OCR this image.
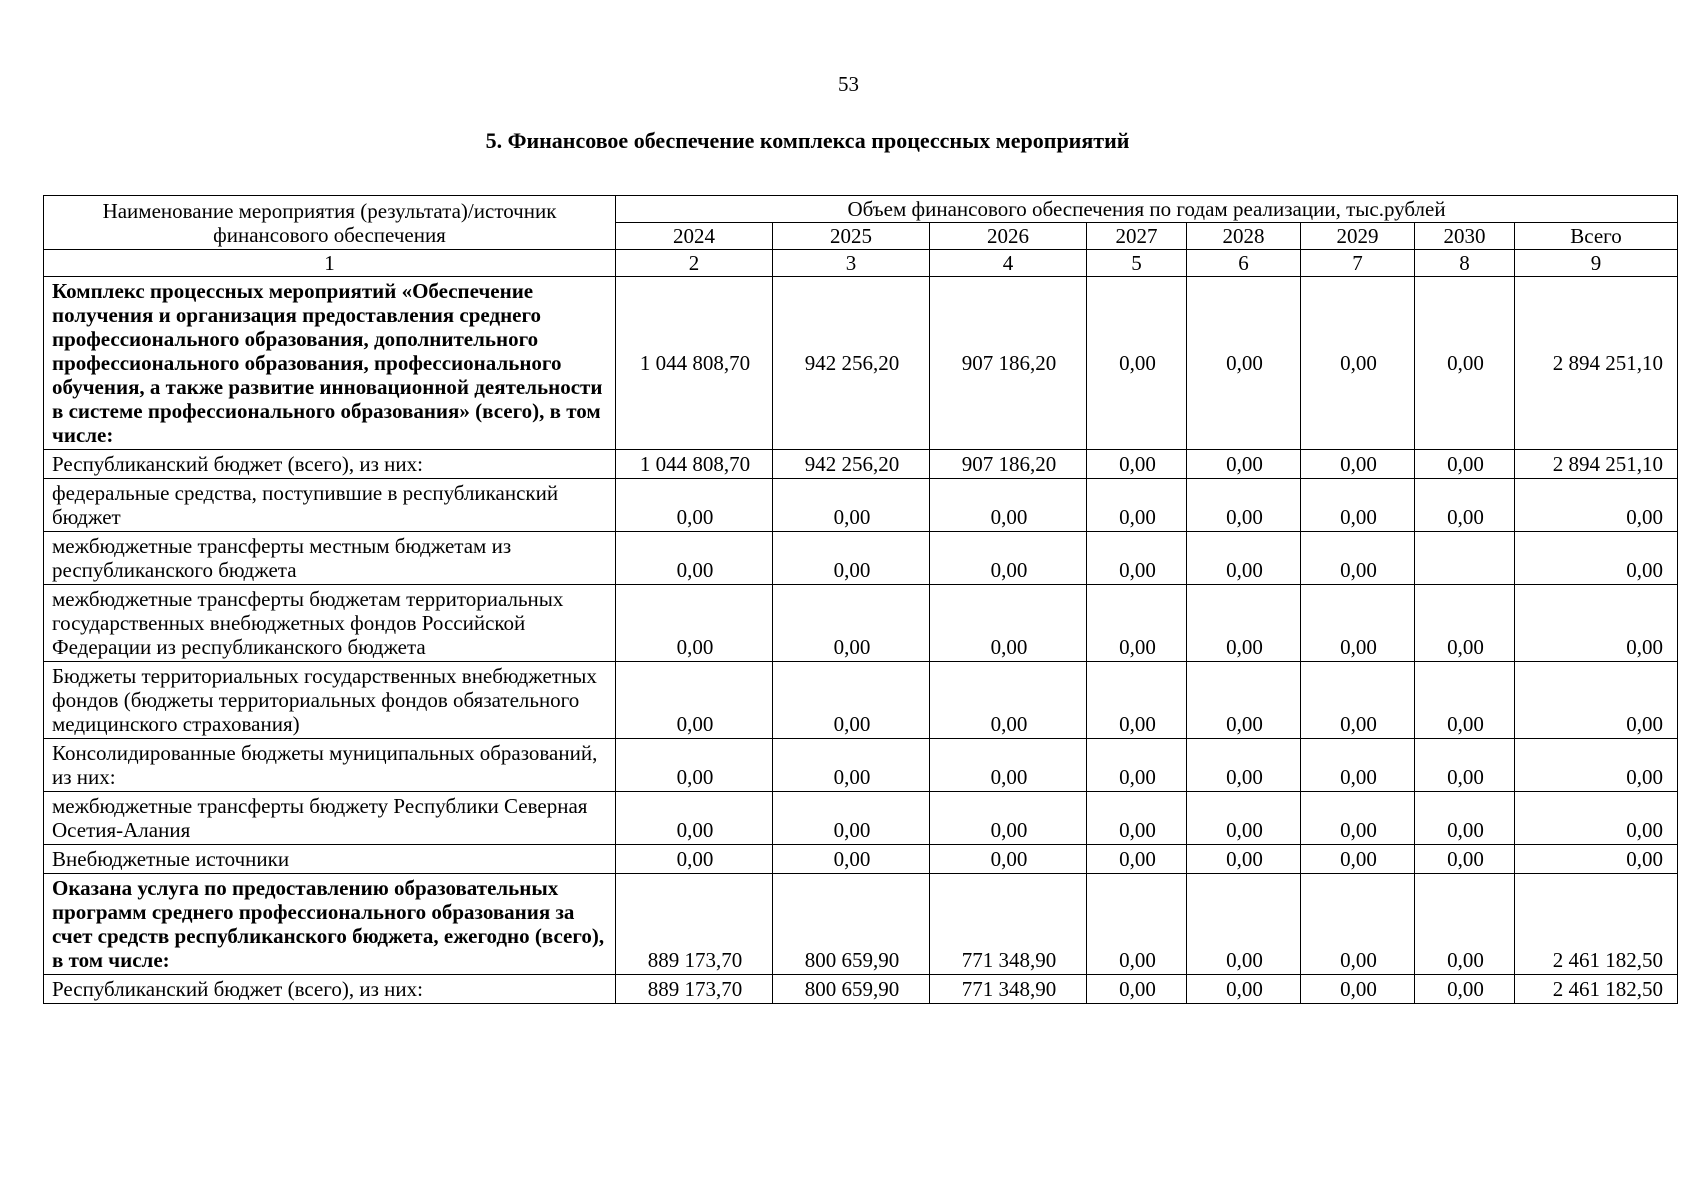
53
5. Финансовое обеспечение комплекса процессных мероприятий
Наименование мероприятия (результата)/источник финансового обеспечения	Объем финансового обеспечения по годам реализации, тыс.рублей							
	2024	2025	2026	2027	2028	2029	2030	Всего
1	2	3	4	5	6	7	8	9
Комплекс процессных мероприятий «Обеспечение получения и организация предоставления среднего профессионального образования, дополнительного профессионального образования, профессионального обучения, а также развитие инновационной деятельности в системе профессионального образования» (всего), в том числе:	1 044 808,70	942 256,20	907 186,20	0,00	0,00	0,00	0,00	2 894 251,10
Республиканский бюджет (всего), из них:	1 044 808,70	942 256,20	907 186,20	0,00	0,00	0,00	0,00	2 894 251,10
федеральные средства, поступившие в республиканский бюджет	0,00	0,00	0,00	0,00	0,00	0,00	0,00	0,00
межбюджетные трансферты местным бюджетам из республиканского бюджета	0,00	0,00	0,00	0,00	0,00	0,00		0,00
межбюджетные трансферты бюджетам территориальных государственных внебюджетных фондов Российской Федерации из республиканского бюджета	0,00	0,00	0,00	0,00	0,00	0,00	0,00	0,00
Бюджеты территориальных государственных внебюджетных фондов (бюджеты территориальных фондов обязательного медицинского страхования)	0,00	0,00	0,00	0,00	0,00	0,00	0,00	0,00
Консолидированные бюджеты муниципальных образований, из них:	0,00	0,00	0,00	0,00	0,00	0,00	0,00	0,00
межбюджетные трансферты бюджету Республики Северная Осетия-Алания	0,00	0,00	0,00	0,00	0,00	0,00	0,00	0,00
Внебюджетные источники	0,00	0,00	0,00	0,00	0,00	0,00	0,00	0,00
Оказана услуга по предоставлению образовательных программ среднего профессионального образования за счет средств республиканского бюджета, ежегодно (всего), в том числе:	889 173,70	800 659,90	771 348,90	0,00	0,00	0,00	0,00	2 461 182,50
Республиканский бюджет (всего), из них:	889 173,70	800 659,90	771 348,90	0,00	0,00	0,00	0,00	2 461 182,50
